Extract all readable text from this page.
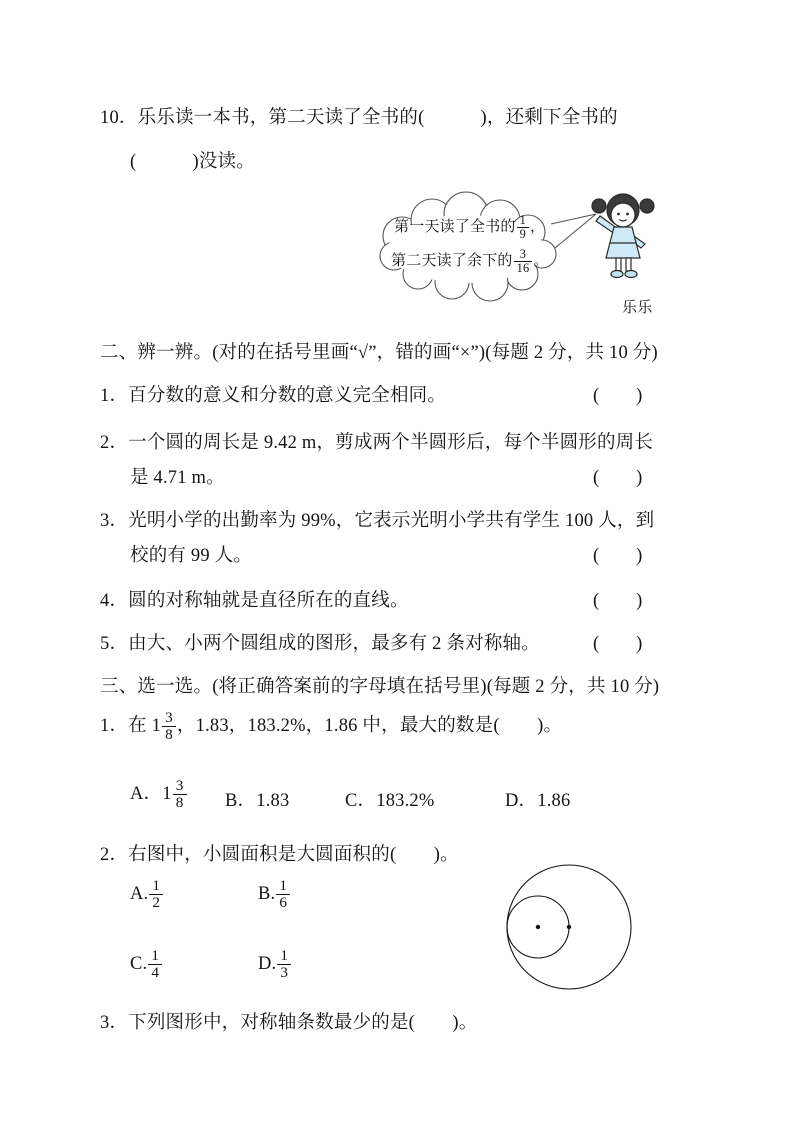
10．乐乐读一本书，第二天读了全书的(　　　)，还剩下全书的
(　　　)没读。
第一天读了全书的 $\frac{1}{9}$ ，
第二天读了余下的 $\frac{3}{16}$ 。
乐乐
二、辨一辨。(对的在括号里画“√”，错的画“×”)(每题 2 分，共 10 分)
1．百分数的意义和分数的意义完全相同。	(　　)
2．一个圆的周长是 9.42 m，剪成两个半圆形后，每个半圆形的周长
是 4.71 m。	(　　)
3．光明小学的出勤率为 99%，它表示光明小学共有学生 100 人，到
校的有 99 人。	(　　)
4．圆的对称轴就是直径所在的直线。	(　　)
5．由大、小两个圆组成的图形，最多有 2 条对称轴。	(　　)
三、选一选。(将正确答案前的字母填在括号里)(每题 2 分，共 10 分)
1．在 $1 \frac{3}{8}$ ，1.83，183.2%，1.86 中，最大的数是(　　)。
A．$1 \frac{3}{8}$ B．1.83	C．183.2%	D．1.86
2．右图中，小圆面积是大圆面积的(　　)。
A. $\frac{1}{2}$	B. $\frac{1}{6}$
C. $\frac{1}{4}$	D. $\frac{1}{3}$
3．下列图形中，对称轴条数最少的是(　　)。
